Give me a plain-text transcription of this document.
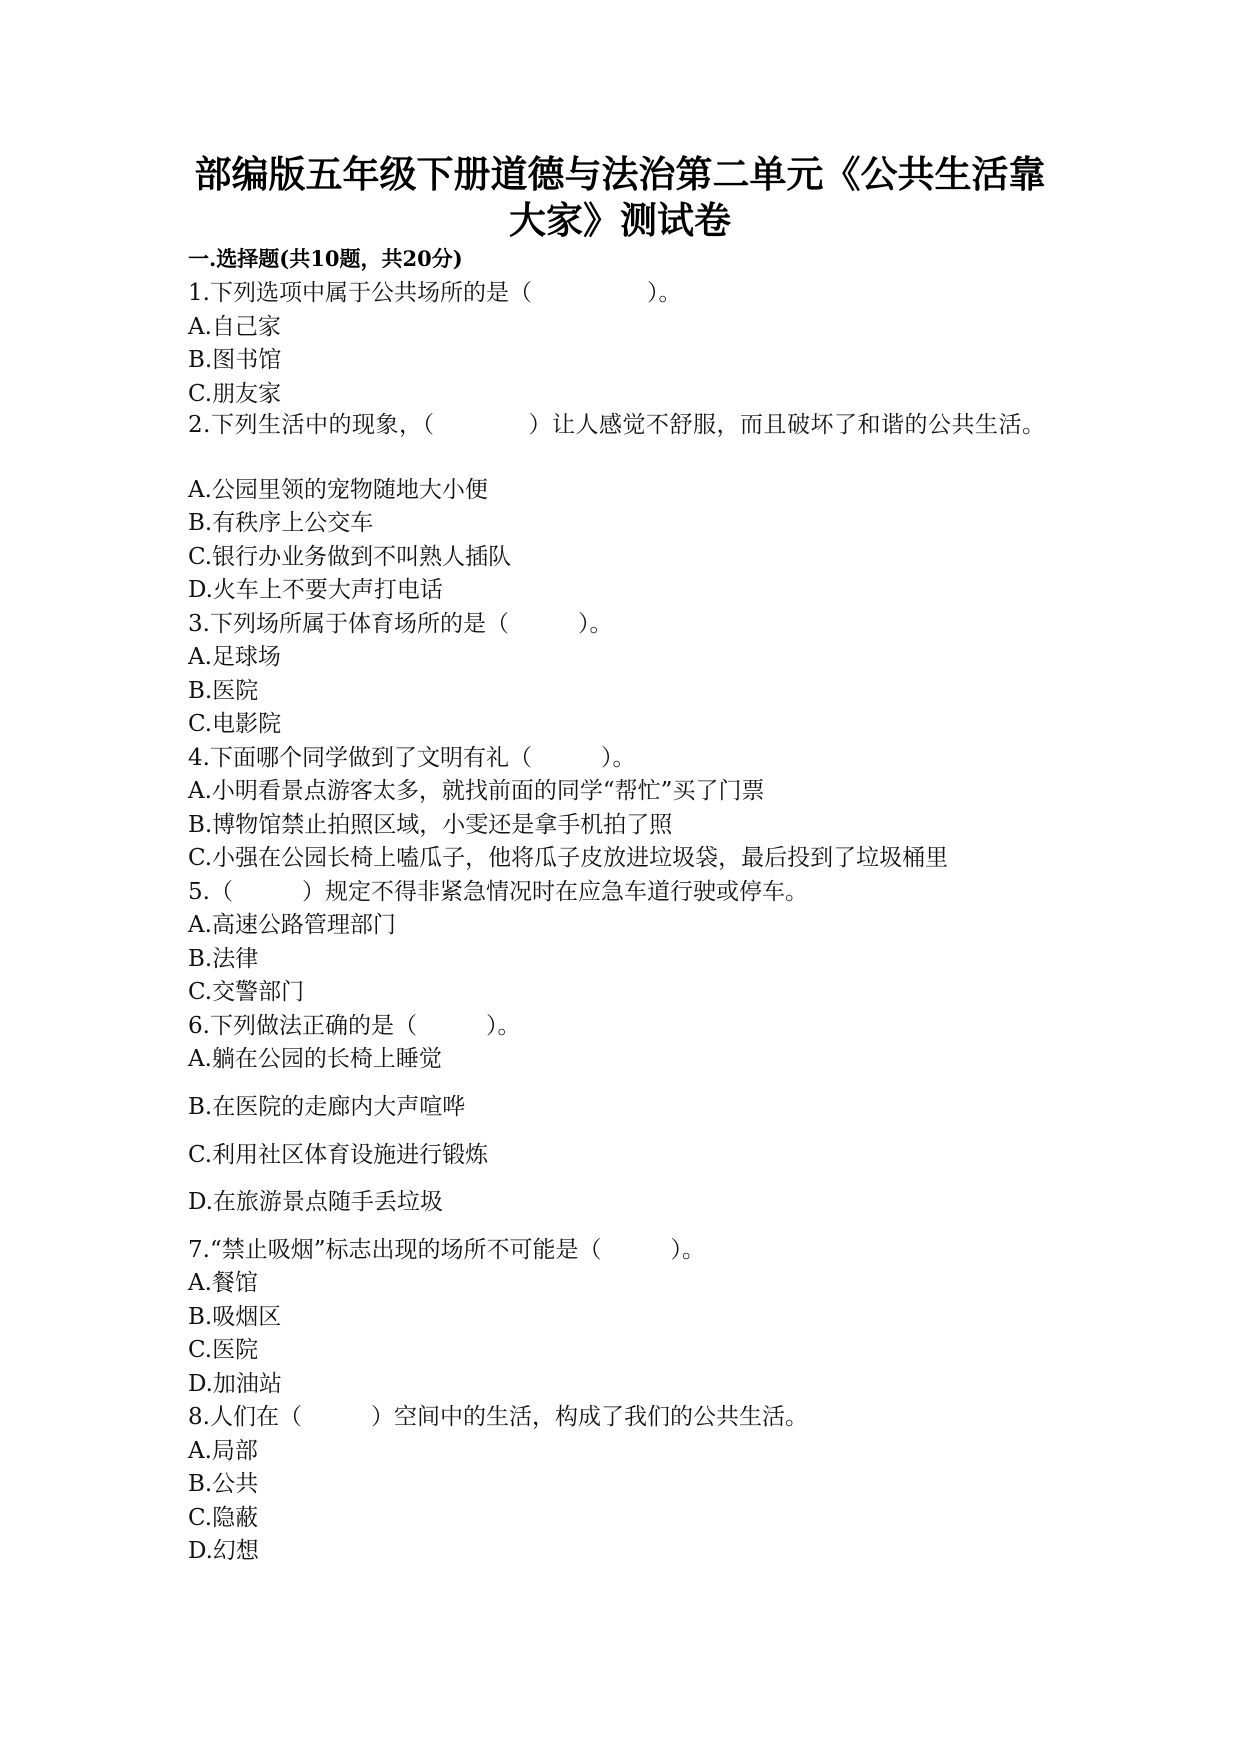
部编版五年级下册道德与法治第二单元《公共生活靠
大家》测试卷
一.选择题(共10题，共20分)
1.下列选项中属于公共场所的是（　　　　　）。
A.自己家
B.图书馆
C.朋友家
2.下列生活中的现象，（　　　　）让人感觉不舒服，而且破坏了和谐的公共生活。
A.公园里领的宠物随地大小便
B.有秩序上公交车
C.银行办业务做到不叫熟人插队
D.火车上不要大声打电话
3.下列场所属于体育场所的是（　　　）。
A.足球场
B.医院
C.电影院
4.下面哪个同学做到了文明有礼（　　　）。
A.小明看景点游客太多，就找前面的同学“帮忙”买了门票
B.博物馆禁止拍照区域，小雯还是拿手机拍了照
C.小强在公园长椅上嗑瓜子，他将瓜子皮放进垃圾袋，最后投到了垃圾桶里
5.（　　　）规定不得非紧急情况时在应急车道行驶或停车。
A.高速公路管理部门
B.法律
C.交警部门
6.下列做法正确的是（　　　）。
A.躺在公园的长椅上睡觉
B.在医院的走廊内大声喧哗
C.利用社区体育设施进行锻炼
D.在旅游景点随手丢垃圾
7.“禁止吸烟”标志出现的场所不可能是（　　　）。
A.餐馆
B.吸烟区
C.医院
D.加油站
8.人们在（　　　）空间中的生活，构成了我们的公共生活。
A.局部
B.公共
C.隐蔽
D.幻想
